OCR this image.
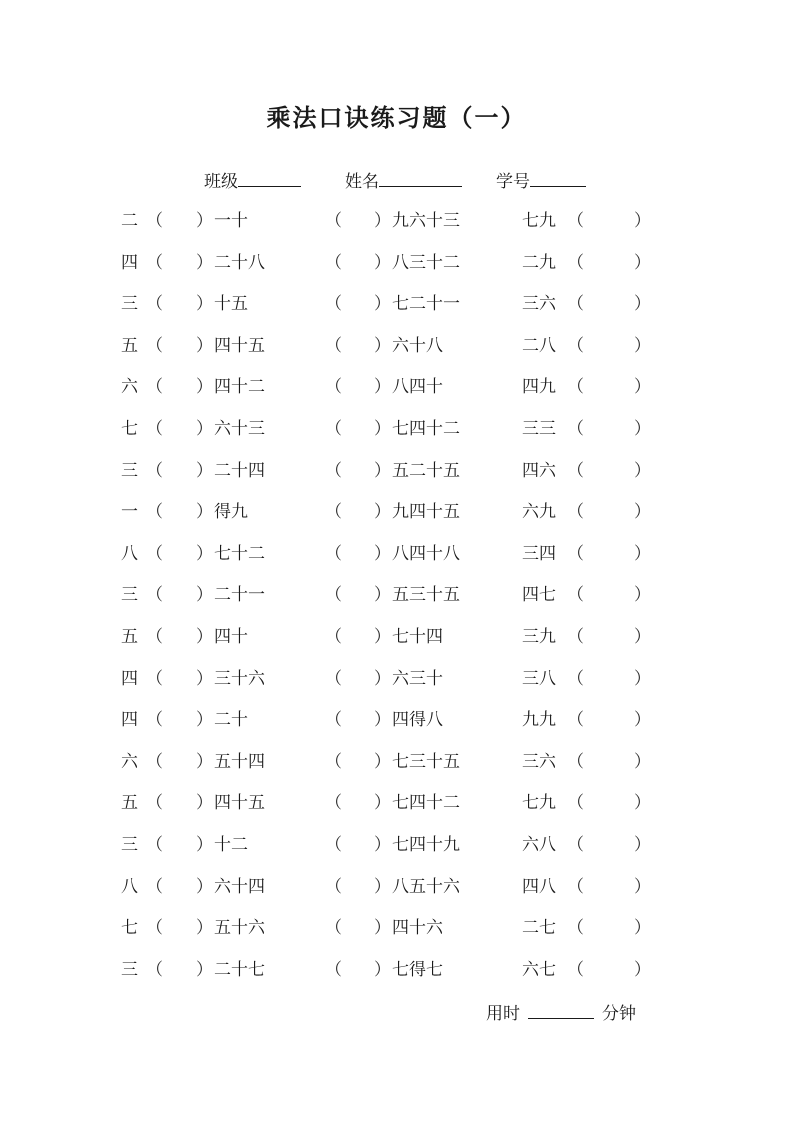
乘法口诀练习题（一）
班级	姓名	学号
二 （ ） 一十	（ ） 九六十三	七九 （	）
四 （ ） 二十八	（ ） 八三十二	二九 （	）
三 （ ） 十五	（ ） 七二十一	三六 （	）
五 （ ） 四十五	（ ） 六十八	二八 （	）
六 （ ） 四十二	（ ） 八四十	四九 （	）
七 （ ） 六十三	（ ） 七四十二	三三 （	）
三 （ ） 二十四	（ ） 五二十五	四六 （	）
一 （ ） 得九	（ ） 九四十五	六九 （	）
八 （ ） 七十二	（ ） 八四十八	三四 （	）
三 （ ） 二十一	（ ） 五三十五	四七 （	）
五 （ ） 四十	（ ） 七十四	三九 （	）
四 （ ） 三十六	（ ） 六三十	三八 （	）
四 （ ） 二十	（ ） 四得八	九九 （	）
六 （ ） 五十四	（ ） 七三十五	三六 （	）
五 （ ） 四十五	（ ） 七四十二	七九 （	）
三 （ ） 十二	（ ） 七四十九	六八 （	）
八 （ ） 六十四	（ ） 八五十六	四八 （	）
七 （ ） 五十六	（ ） 四十六	二七 （	）
三 （ ） 二十七	（ ） 七得七	六七 （	）
用时	分钟
